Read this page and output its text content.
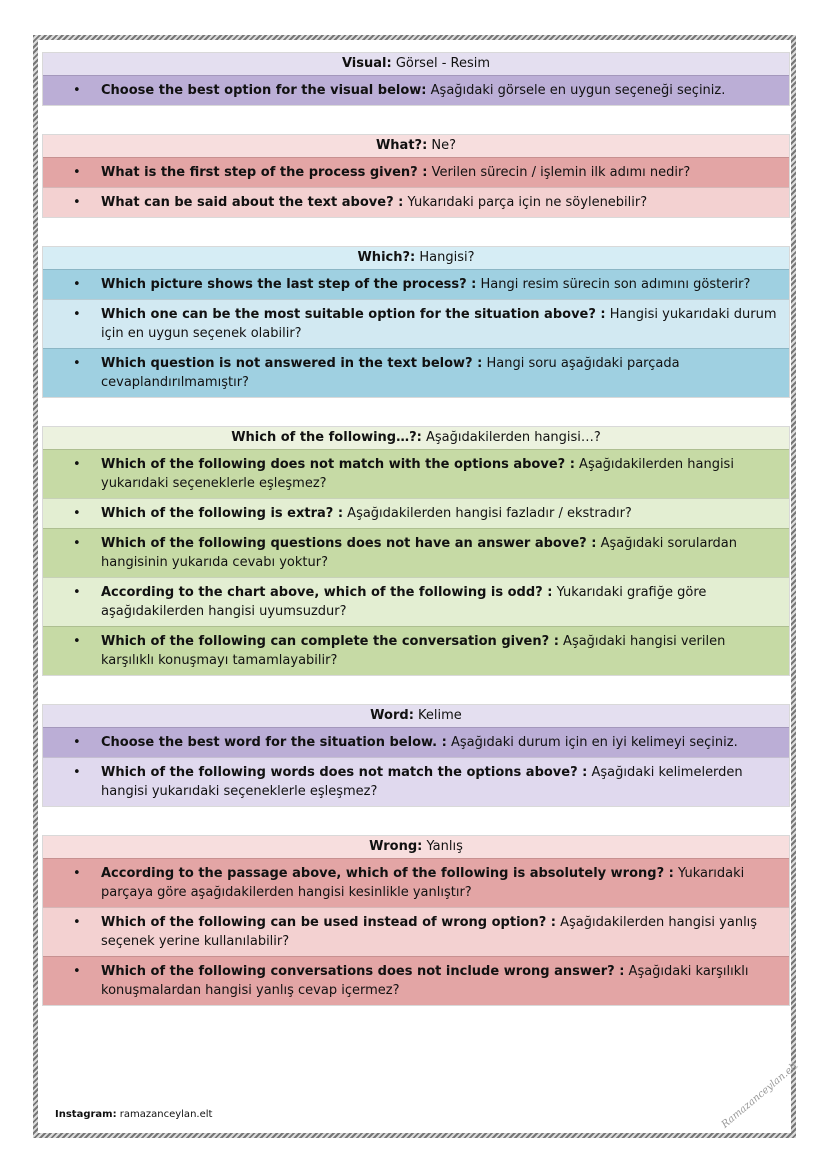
Visual: Görsel - Resim
•	Choose the best option for the visual below: Aşağıdaki görsele en uygun seçeneği seçiniz.
What?: Ne?
•	What is the first step of the process given? : Verilen sürecin / işlemin ilk adımı nedir?
•	What can be said about the text above? : Yukarıdaki parça için ne söylenebilir?
Which?: Hangisi?
•	Which picture shows the last step of the process? : Hangi resim sürecin son adımını gösterir?
•	Which one can be the most suitable option for the situation above? : Hangisi yukarıdaki durum için en uygun seçenek olabilir?
•	Which question is not answered in the text below? : Hangi soru aşağıdaki parçada cevaplandırılmamıştır?
Which of the following…?: Aşağıdakilerden hangisi…?
•	Which of the following does not match with the options above? : Aşağıdakilerden hangisi yukarıdaki seçeneklerle eşleşmez?
•	Which of the following is extra? : Aşağıdakilerden hangisi fazladır / ekstradır?
•	Which of the following questions does not have an answer above? : Aşağıdaki sorulardan hangisinin yukarıda cevabı yoktur?
•	According to the chart above, which of the following is odd? : Yukarıdaki grafiğe göre aşağıdakilerden hangisi uyumsuzdur?
•	Which of the following can complete the conversation given? : Aşağıdaki hangisi verilen karşılıklı konuşmayı tamamlayabilir?
Word: Kelime
•	Choose the best word for the situation below. : Aşağıdaki durum için en iyi kelimeyi seçiniz.
•	Which of the following words does not match the options above? : Aşağıdaki kelimelerden hangisi yukarıdaki seçeneklerle eşleşmez?
Wrong: Yanlış
•	According to the passage above, which of the following is absolutely wrong? : Yukarıdaki parçaya göre aşağıdakilerden hangisi kesinlikle yanlıştır?
•	Which of the following can be used instead of wrong option? : Aşağıdakilerden hangisi yanlış seçenek yerine kullanılabilir?
•	Which of the following conversations does not include wrong answer? : Aşağıdaki karşılıklı konuşmalardan hangisi yanlış cevap içermez?
Instagram: ramazanceylan.elt	Ramazanceylan.elt
